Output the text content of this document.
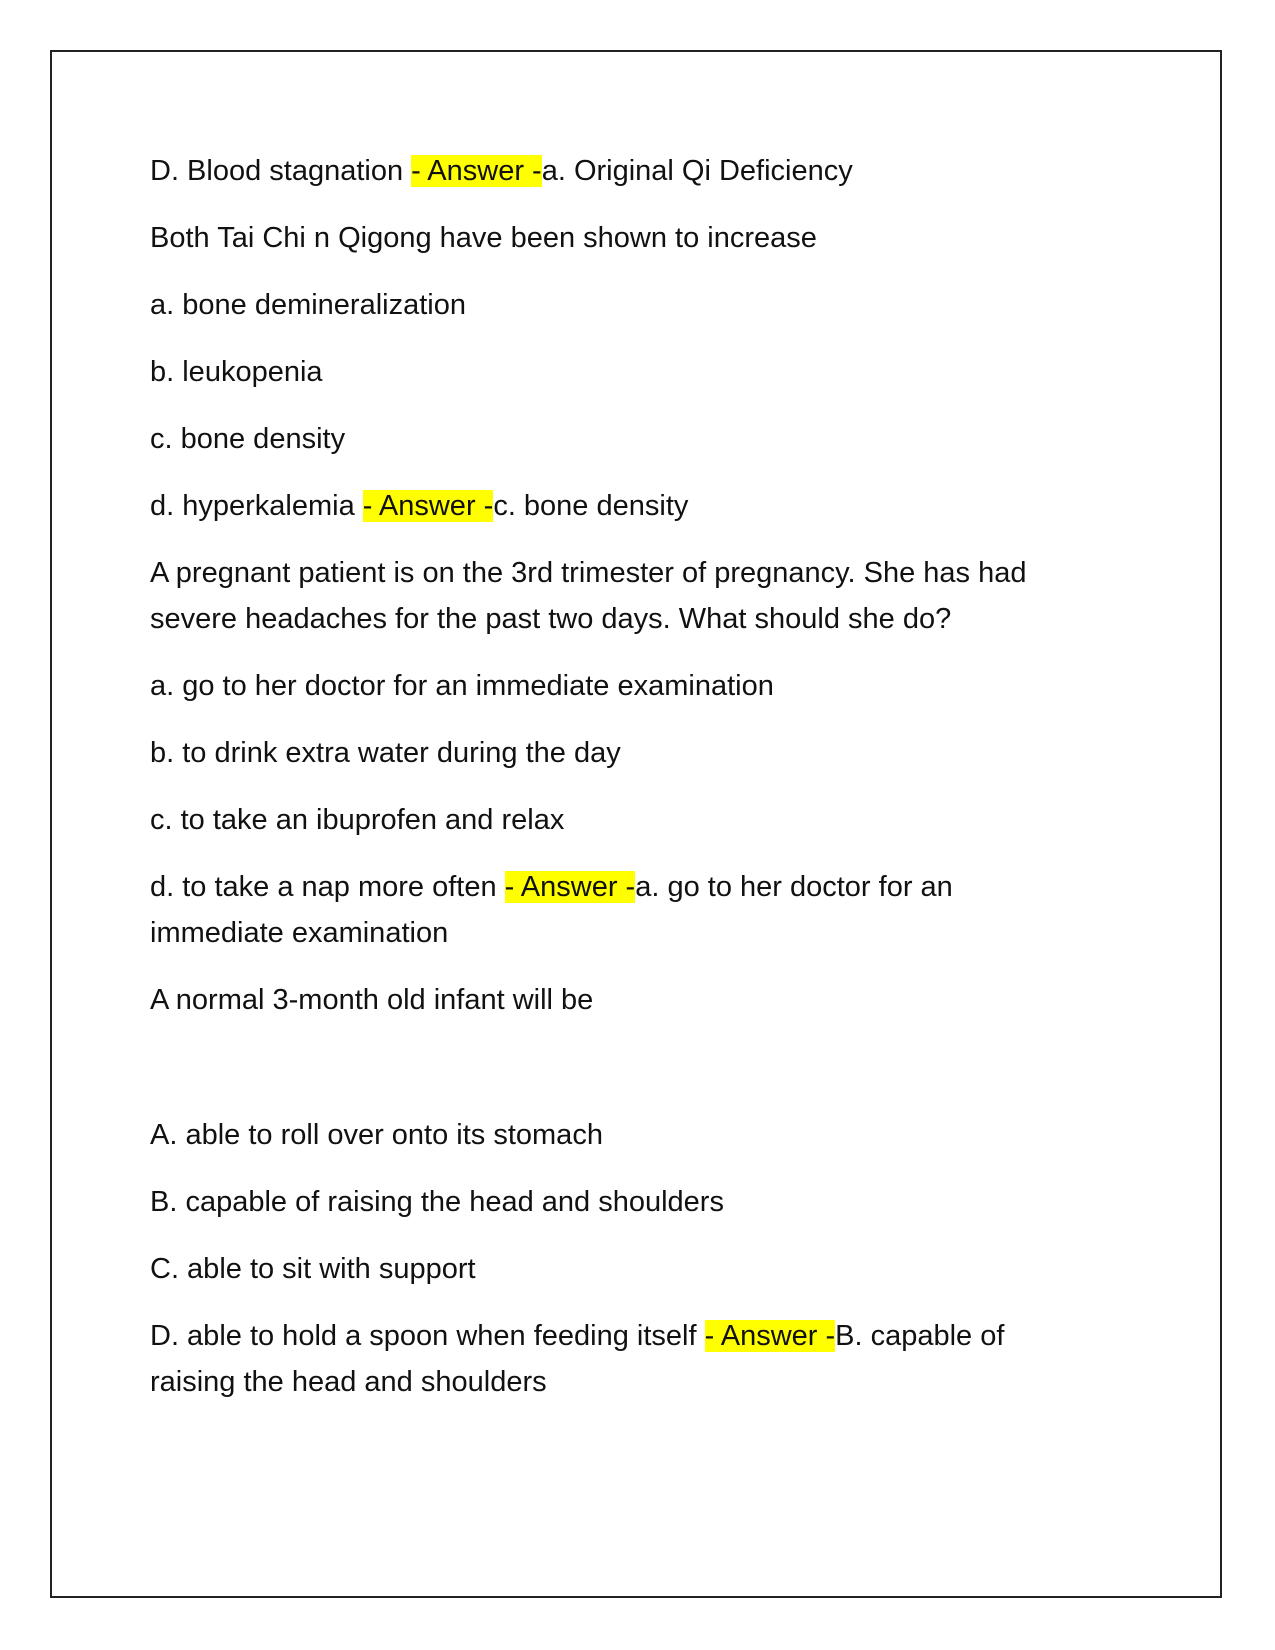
D. Blood stagnation - Answer -a. Original Qi Deficiency

Both Tai Chi n Qigong have been shown to increase

a. bone demineralization

b. leukopenia

c. bone density

d. hyperkalemia - Answer -c. bone density

A pregnant patient is on the 3rd trimester of pregnancy. She has had severe headaches for the past two days. What should she do?

a. go to her doctor for an immediate examination

b. to drink extra water during the day

c. to take an ibuprofen and relax

d. to take a nap more often - Answer -a. go to her doctor for an immediate examination

A normal 3-month old infant will be

A. able to roll over onto its stomach

B. capable of raising the head and shoulders

C. able to sit with support

D. able to hold a spoon when feeding itself - Answer -B. capable of raising the head and shoulders
